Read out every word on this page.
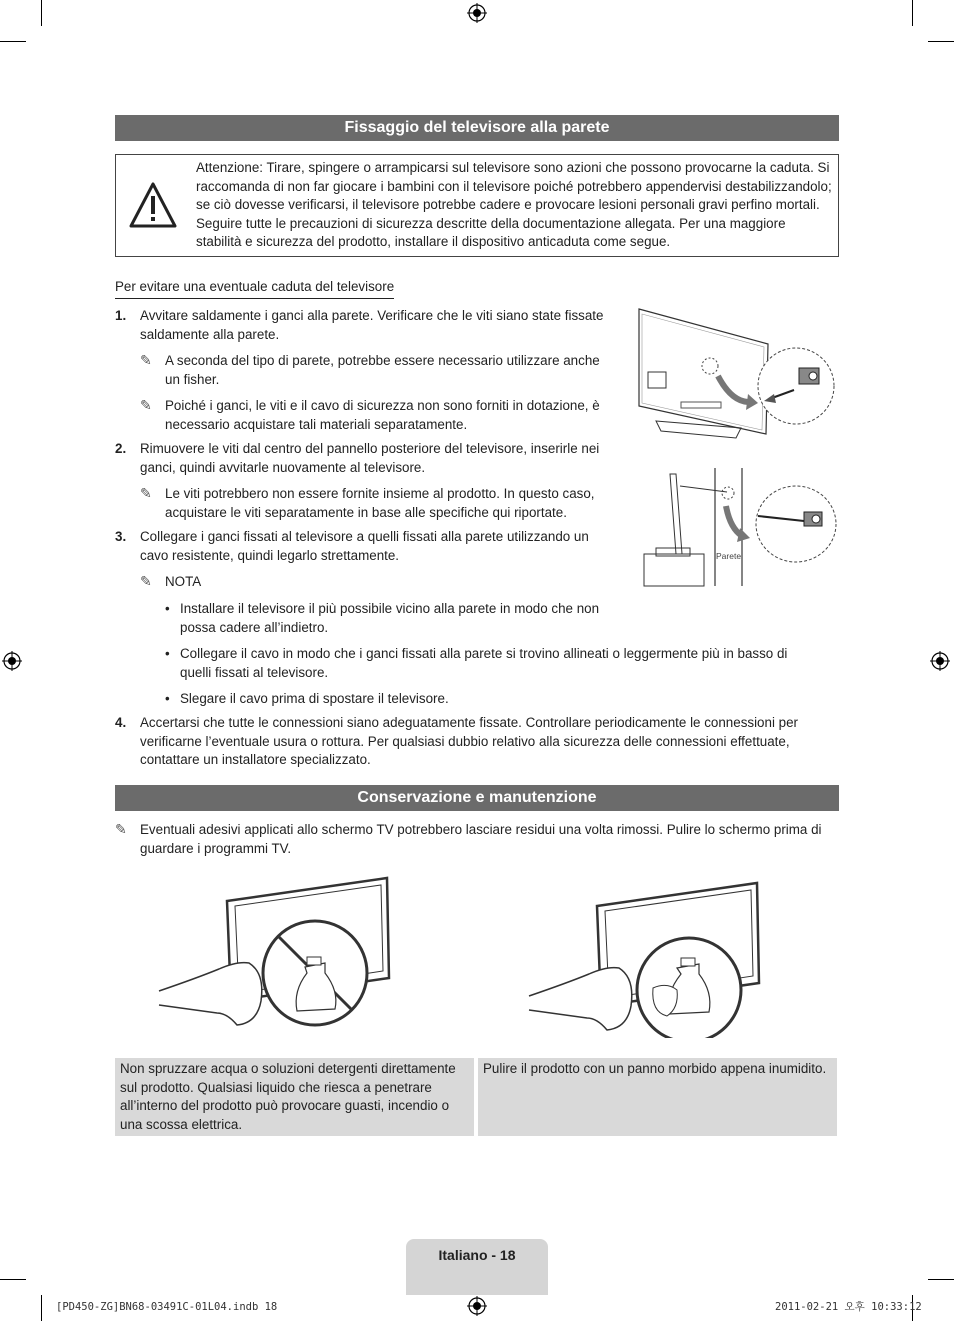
Fissaggio del televisore alla parete
Attenzione: Tirare, spingere o arrampicarsi sul televisore sono azioni che possono provocarne la caduta. Si raccomanda di non far giocare i bambini con il televisore poiché potrebbero appendervisi destabilizzandolo; se ciò dovesse verificarsi, il televisore potrebbe cadere e provocare lesioni personali gravi perfino mortali. Seguire tutte le precauzioni di sicurezza descritte della documentazione allegata. Per una maggiore stabilità e sicurezza del prodotto, installare il dispositivo anticaduta come segue.
Per evitare una eventuale caduta del televisore
1. Avvitare saldamente i ganci alla parete. Verificare che le viti siano state fissate saldamente alla parete.
✎ A seconda del tipo di parete, potrebbe essere necessario utilizzare anche un fisher.
✎ Poiché i ganci, le viti e il cavo di sicurezza non sono forniti in dotazione, è necessario acquistare tali materiali separatamente.
2. Rimuovere le viti dal centro del pannello posteriore del televisore, inserirle nei ganci, quindi avvitarle nuovamente al televisore.
✎ Le viti potrebbero non essere fornite insieme al prodotto. In questo caso, acquistare le viti separatamente in base alle specifiche qui riportate.
3. Collegare i ganci fissati al televisore a quelli fissati alla parete utilizzando un cavo resistente, quindi legarlo strettamente.
✎ NOTA
• Installare il televisore il più possibile vicino alla parete in modo che non possa cadere all’indietro.
• Collegare il cavo in modo che i ganci fissati alla parete si trovino allineati o leggermente più in basso di quelli fissati al televisore.
• Slegare il cavo prima di spostare il televisore.
4. Accertarsi che tutte le connessioni siano adeguatamente fissate. Controllare periodicamente le connessioni per verificarne l’eventuale usura o rottura. Per qualsiasi dubbio relativo alla sicurezza delle connessioni effettuate, contattare un installatore specializzato.
Parete
Conservazione e manutenzione
✎ Eventuali adesivi applicati allo schermo TV potrebbero lasciare residui una volta rimossi. Pulire lo schermo prima di guardare i programmi TV.
Non spruzzare acqua o soluzioni detergenti direttamente sul prodotto. Qualsiasi liquido che riesca a penetrare all’interno del prodotto può provocare guasti, incendio o una scossa elettrica.
Pulire il prodotto con un panno morbido appena inumidito.
Italiano - 18
[PD450-ZG]BN68-03491C-01L04.indb 18	2011-02-21 오후 10:33:12
